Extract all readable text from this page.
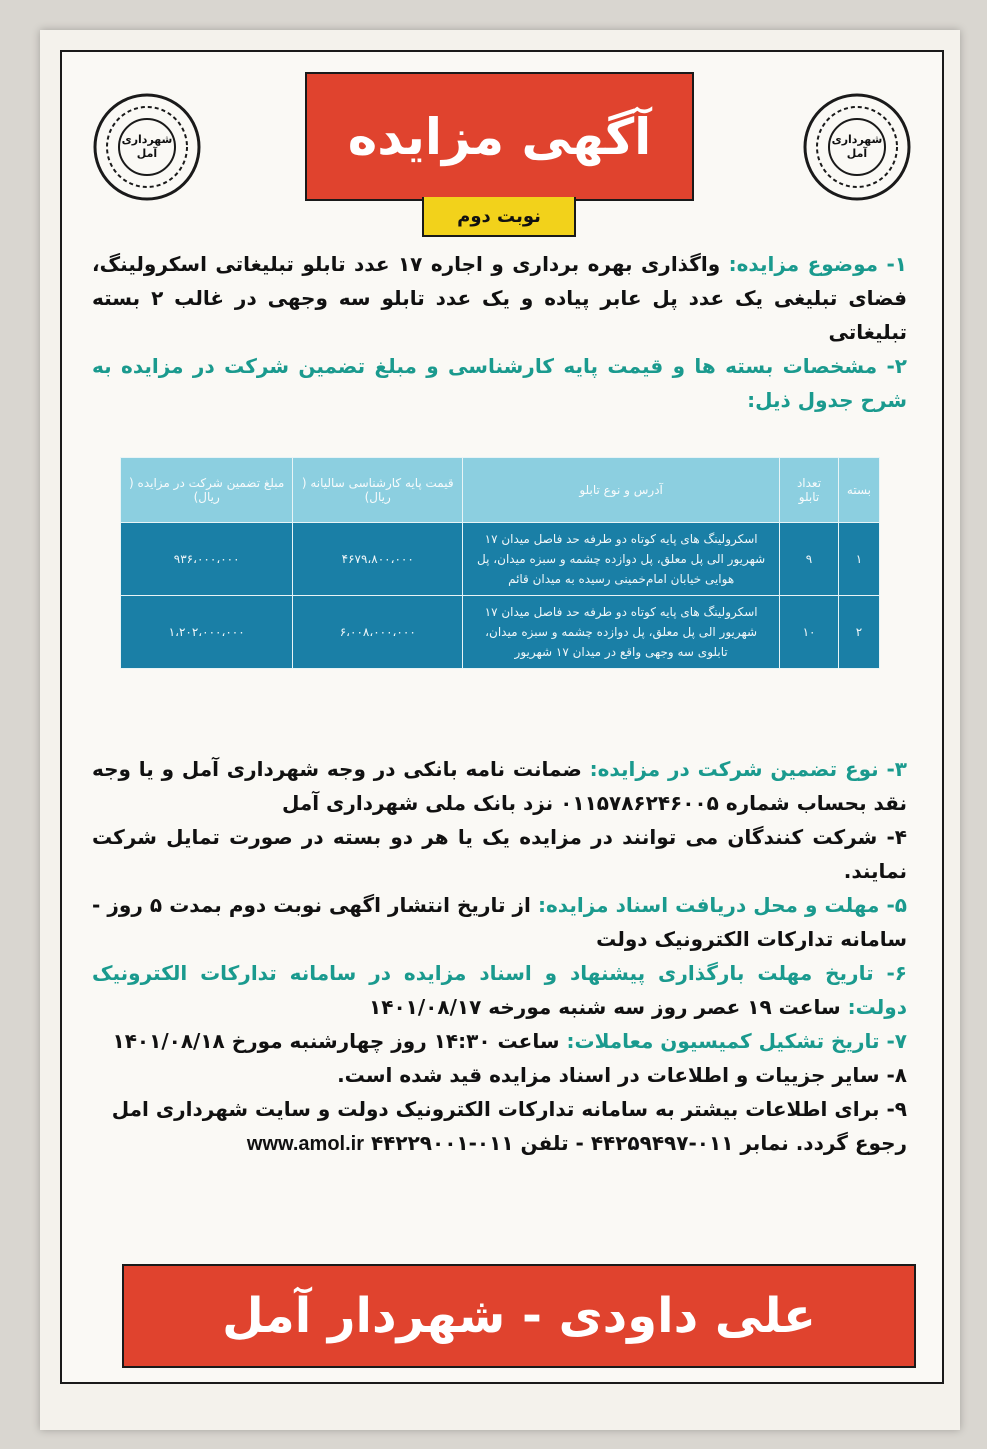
شهرداری
آمل
شهرداری
آمل
آگهی مزایده
نوبت دوم
۱- موضوع مزایده: واگذاری بهره برداری و اجاره ۱۷ عدد تابلو تبلیغاتی اسکرولینگ، فضای تبلیغی یک عدد پل عابر پیاده و یک عدد تابلو سه وجهی در غالب ۲ بسته تبلیغاتی
۲- مشخصات بسته ها و قیمت پایه کارشناسی و مبلغ تضمین شرکت در مزایده به شرح جدول ذیل:
بسته	تعداد تابلو	آدرس و نوع تابلو	قیمت پایه کارشناسی سالیانه ( ریال)	مبلغ تضمین شرکت در مزایده ( ریال)
۱	۹	اسکرولینگ های پایه کوتاه دو طرفه حد فاصل میدان ۱۷ شهریور الی پل معلق، پل دوازده چشمه و سبزه میدان، پل هوایی خیابان امام‌خمینی رسیده به میدان قائم	۴۶۷۹،۸۰۰،۰۰۰	۹۳۶،۰۰۰،۰۰۰
۲	۱۰	اسکرولینگ های پایه کوتاه دو طرفه حد فاصل میدان ۱۷ شهریور الی پل معلق، پل دوازده چشمه و سبزه میدان، تابلوی سه وجهی واقع در میدان ۱۷ شهریور	۶،۰۰۸،۰۰۰،۰۰۰	۱،۲۰۲،۰۰۰،۰۰۰
۳- نوع تضمین شرکت در مزایده: ضمانت نامه بانکی در وجه شهرداری آمل و یا وجه نقد بحساب شماره ۰۱۱۵۷۸۶۲۴۶۰۰۵ نزد بانک ملی شهرداری آمل
۴- شرکت کنندگان می توانند در مزایده یک یا هر دو بسته در صورت تمایل شرکت نمایند.
۵- مهلت و محل دریافت اسناد مزایده: از تاریخ انتشار اگهی نوبت دوم بمدت ۵ روز - سامانه تدارکات الکترونیک دولت
۶- تاریخ مهلت بارگذاری پیشنهاد و اسناد مزایده در سامانه تدارکات الکترونیک دولت: ساعت ۱۹ عصر روز سه شنبه مورخه ۱۴۰۱/۰۸/۱۷
۷- تاریخ تشکیل کمیسیون معاملات: ساعت ۱۴:۳۰ روز چهارشنبه مورخ ۱۴۰۱/۰۸/۱۸
۸- سایر جزییات و اطلاعات در اسناد مزایده قید شده است.
۹- برای اطلاعات بیشتر به سامانه تدارکات الکترونیک دولت و سایت شهرداری امل
رجوع گردد. نمابر ۰۱۱-۴۴۲۵۹۴۹۷ - تلفن ۰۱۱-۴۴۲۲۹۰۰۱ www.amol.ir
علی داودی - شهردار آمل
